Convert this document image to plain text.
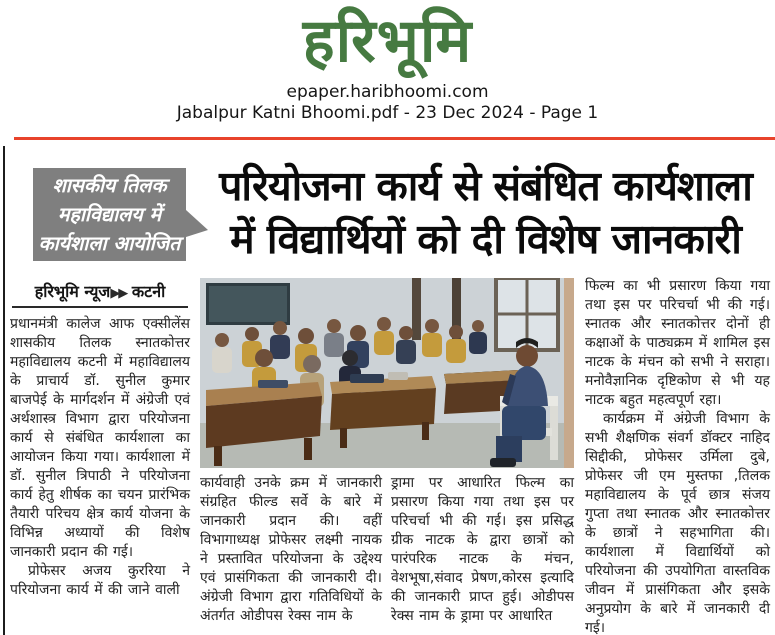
हरिभूमि
epaper.haribhoomi.com
Jabalpur Katni Bhoomi.pdf - 23 Dec 2024 - Page 1
शासकीय तिलक
महाविद्यालय में
कार्यशाला आयोजित
परियोजना कार्य से संबंधित कार्यशाला
में विद्यार्थियों को दी विशेष जानकारी
हरिभूमि न्यूज▶▶ कटनी

प्रधानमंत्री कालेज आफ एक्सीलेंस शासकीय तिलक स्नातकोत्तर महाविद्यालय कटनी में महाविद्यालय के प्राचार्य डॉ. सुनील कुमार बाजपेई के मार्गदर्शन में अंग्रेजी एवं अर्थशास्त्र विभाग द्वारा परियोजना कार्य से संबंधित कार्यशाला का आयोजन किया गया। कार्यशाला में डॉ. सुनील त्रिपाठी ने परियोजना कार्य हेतु शीर्षक का चयन प्रारंभिक तैयारी परिचय क्षेत्र कार्य योजना के विभिन्न अध्यायों की विशेष जानकारी प्रदान की गई।

प्रोफेसर अजय कुररिया ने परियोजना कार्य में की जाने वाली

कार्यवाही उनके क्रम में जानकारी संग्रहित फील्ड सर्वे के बारे में जानकारी प्रदान की। वहीं विभागाध्यक्ष प्रोफेसर लक्ष्मी नायक ने प्रस्तावित परियोजना के उद्देश्य एवं प्रासंगिकता की जानकारी दी। अंग्रेजी विभाग द्वारा गतिविधियों के अंतर्गत ओडीपस रेक्स नाम के

ड्रामा पर आधारित फिल्म का प्रसारण किया गया तथा इस पर परिचर्चा भी की गई। इस प्रसिद्ध ग्रीक नाटक के द्वारा छात्रों को पारंपरिक नाटक के मंचन, वेशभूषा,संवाद प्रेषण,कोरस इत्यादि की जानकारी प्राप्त हुई। ओडीपस रेक्स नाम के ड्रामा पर आधारित

फिल्म का भी प्रसारण किया गया तथा इस पर परिचर्चा भी की गई।स्नातक और स्नातकोत्तर दोनों ही कक्षाओं के पाठ्यक्रम में शामिल इस नाटक के मंचन को सभी ने सराहा।मनोवैज्ञानिक दृष्टिकोण से भी यह नाटक बहुत महत्वपूर्ण रहा।

कार्यक्रम में अंग्रेजी विभाग के सभी शैक्षणिक संवर्ग डॉक्टर नाहिद सिद्दीकी, प्रोफेसर उर्मिला दुबे, प्रोफेसर जी एम मुस्तफा ,तिलक महाविद्यालय के पूर्व छात्र संजय गुप्ता तथा स्नातक और स्नातकोत्तर के छात्रों ने सहभागिता की। कार्यशाला में विद्यार्थियों को परियोजना की उपयोगिता वास्तविक जीवन में प्रासंगिकता और इसके अनुप्रयोग के बारे में जानकारी दी गई।
